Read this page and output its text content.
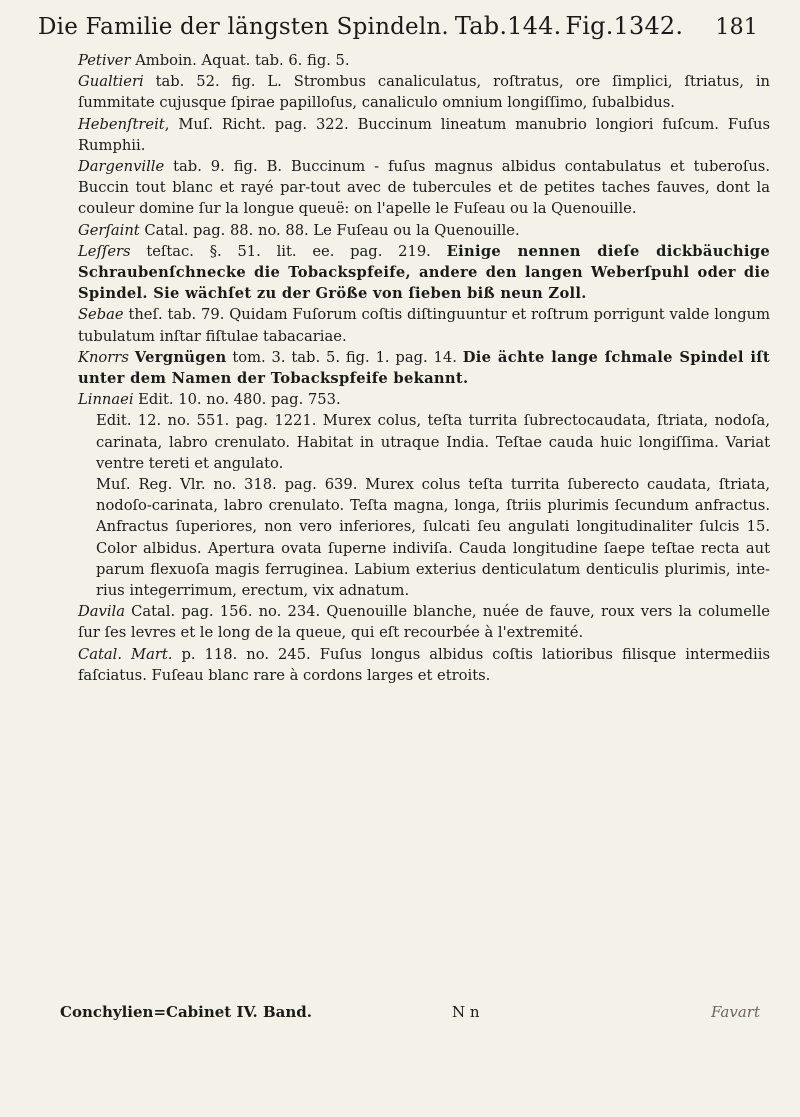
Die Familie der längsten Spindeln. Tab.144. Fig.1342. 181

Petiver Amboin. Aquat. tab. 6. fig. 5.

Gualtieri tab. 52. fig. L. Strombus canaliculatus, roſtratus, ore ſimplici, ſtriatus, in ſummitate cujusque ſpirae papilloſus, canaliculo omnium longiſſimo, ſubalbidus.

Hebenſtreit, Muſ. Richt. pag. 322. Buccinum lineatum manubrio longiori fuſcum. Fuſus Rumphii.

Dargenville tab. 9. fig. B. Buccinum - fuſus magnus albidus contabulatus et tuberoſus. Buccin tout blanc et rayé par-tout avec de tubercules et de petites taches fauves, dont la couleur domine ſur la longue queuë: on l'apelle le Fuſeau ou la Quenouille.

Gerſaint Catal. pag. 88. no. 88. Le Fuſeau ou la Quenouille.

Leſſers teſtac. §. 51. lit. ee. pag. 219. Einige nennen dieſe dickbäuchige Schraubenſchnecke die Tobackspfeife, andere den langen Weberſpuhl oder die Spindel. Sie wächſet zu der Größe von ſieben biß neun Zoll.

Sebae theſ. tab. 79. Quidam Fuſorum coſtis diſtinguuntur et roſtrum porrigunt valde longum tubulatum inſtar fiſtulae tabacariae.

Knorrs Vergnügen tom. 3. tab. 5. fig. 1. pag. 14. Die ächte lange ſchmale Spindel iſt unter dem Namen der Tobackspfeife bekannt.

Linnaei Edit. 10. no. 480. pag. 753.

Edit. 12. no. 551. pag. 1221. Murex colus, teſta turrita ſubrectocaudata, ſtriata, nodoſa, carinata, labro crenulato. Habitat in utraque India. Teſtae cauda huic longiſſima. Variat ventre tereti et angulato.

Muſ. Reg. Vlr. no. 318. pag. 639. Murex colus teſta turrita ſuberecto caudata, ſtriata, nodoſo-carinata, labro crenulato. Teſta magna, longa, ſtriis plurimis ſecundum anfractus. Anfractus ſuperiores, non vero inferiores, ſulcati ſeu angulati longitudinaliter ſulcis 15. Color albidus. Apertura ovata ſuperne indiviſa. Cauda longitudine ſaepe teſtae recta aut parum flexuoſa magis ferruginea. Labium exterius denticulatum denticulis plurimis, interius integerrimum, erectum, vix adnatum.

Davila Catal. pag. 156. no. 234. Quenouille blanche, nuée de fauve, roux vers la columelle ſur ſes levres et le long de la queue, qui eſt recourbée à l'extremité.

Catal. Mart. p. 118. no. 245. Fuſus longus albidus coſtis latioribus filisque intermediis faſciatus. Fuſeau blanc rare à cordons larges et etroits.

Conchylien=Cabinet IV. Band.	N n	Favart
